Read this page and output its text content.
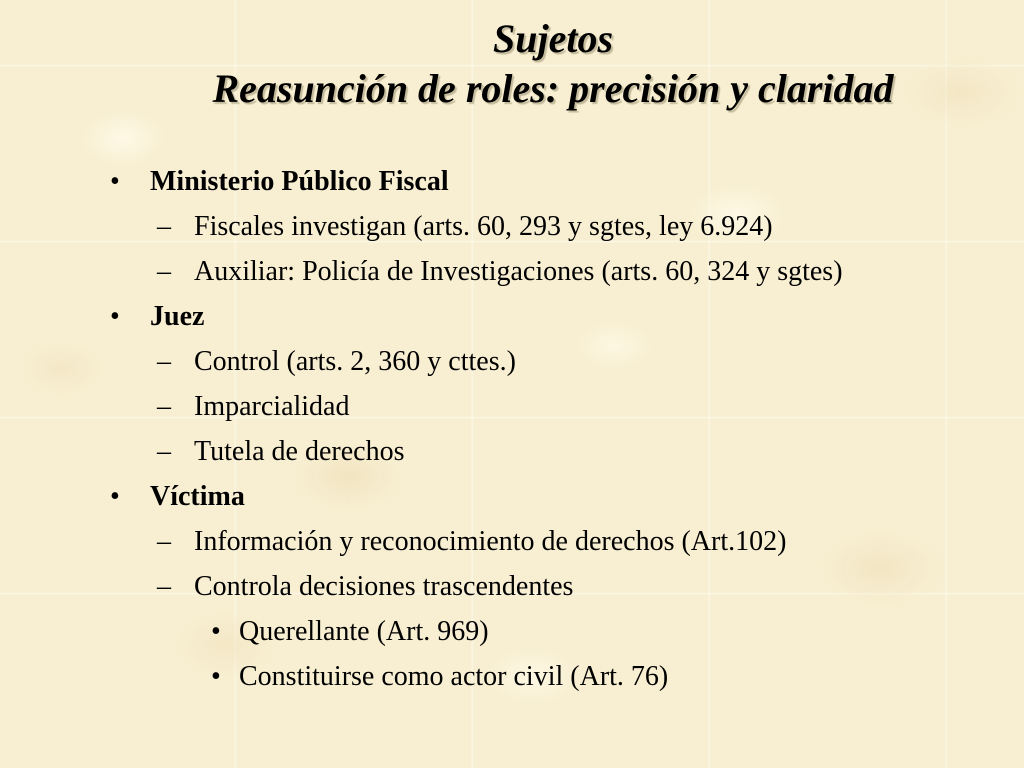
Sujetos
Reasunción de roles: precisión y claridad
• Ministerio Público Fiscal
– Fiscales investigan (arts. 60, 293 y sgtes, ley 6.924)
– Auxiliar: Policía de Investigaciones (arts. 60, 324 y sgtes)
• Juez
– Control (arts. 2, 360 y cttes.)
– Imparcialidad
– Tutela de derechos
• Víctima
– Información y reconocimiento de derechos (Art.102)
– Controla decisiones trascendentes
• Querellante (Art. 969)
• Constituirse como actor civil (Art. 76)
